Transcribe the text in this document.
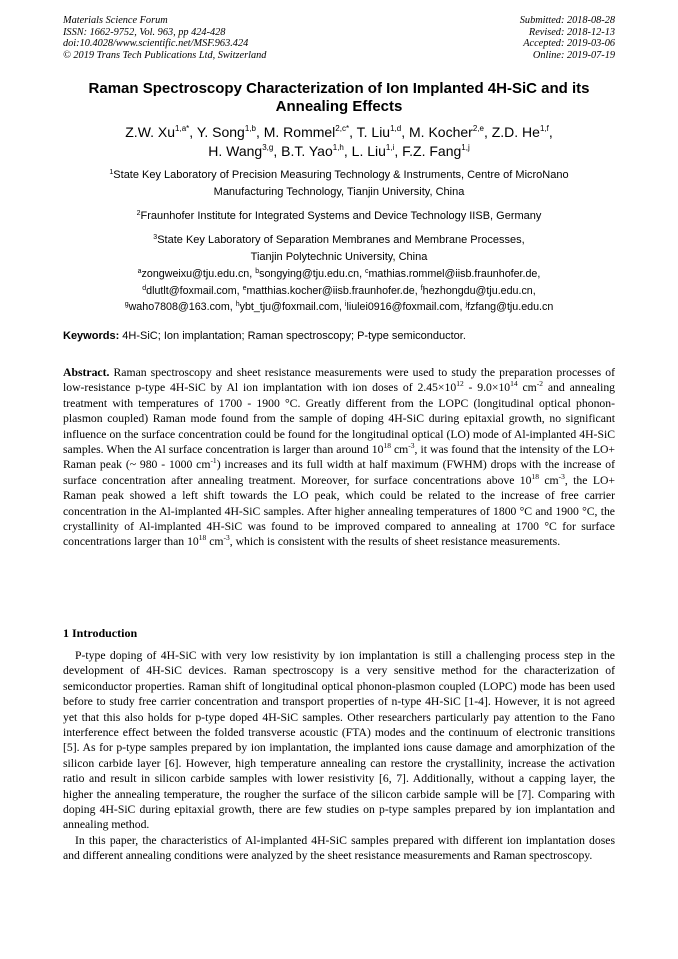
Materials Science Forum
ISSN: 1662-9752, Vol. 963, pp 424-428
doi:10.4028/www.scientific.net/MSF.963.424
© 2019 Trans Tech Publications Ltd, Switzerland
Submitted: 2018-08-28
Revised: 2018-12-13
Accepted: 2019-03-06
Online: 2019-07-19
Raman Spectroscopy Characterization of Ion Implanted 4H-SiC and its
Annealing Effects
Z.W. $Xu^{1,a*}$, Y. Song$^{1,b}$, M. Rommel$^{2,c*}$, T. Liu$^{1,d}$, M. Kocher$^{2,e}$, Z.D. He$^{1,f}$,
H. Wang$^{3,g}$, B.T. Yao$^{1,h}$, L. Liu$^{1,i}$, F.Z. Fang$^{1,j}$
$^1$State Key Laboratory of Precision Measuring Technology & Instruments, Centre of MicroNano
Manufacturing Technology, Tianjin University, China
$^2$Fraunhofer Institute for Integrated Systems and Device Technology IISB, Germany
$^3$State Key Laboratory of Separation Membranes and Membrane Processes,
Tianjin Polytechnic University, China
$^a$zongweixu@tju.edu.cn, $^b$songying@tju.edu.cn, $^c$mathias.rommel@iisb.fraunhofer.de,
$^d$dlutlt@foxmail.com, $^e$matthias.kocher@iisb.fraunhofer.de, $^f$hezhongdu@tju.edu.cn,
$^g$waho7808@163.com, $^h$ybt_tju@foxmail.com, $^i$liulei0916@foxmail.com, $^j$fzfang@tju.edu.cn
Keywords: 4H-SiC; Ion implantation; Raman spectroscopy; P-type semiconductor.
Abstract. Raman spectroscopy and sheet resistance measurements were used to study the preparation processes of low-resistance p-type 4H-SiC by Al ion implantation with ion doses of $2.45\times 10^{12} - 9.0\times 10^{14}$ $cm^{-2}$ and annealing treatment with temperatures of 1700 - 1900 °C. Greatly different from the LOPC (longitudinal optical phonon-plasmon coupled) Raman mode found from the sample of doping 4H-SiC during epitaxial growth, no significant influence on the surface concentration could be found for the longitudinal optical (LO) mode of Al-implanted 4H-SiC samples. When the Al surface concentration is larger than around $10^{18}$ $cm^{-3}$, it was found that the intensity of the LO+ Raman peak (~ 980 - 1000 $cm^{-1}$) increases and its full width at half maximum (FWHM) drops with the increase of surface concentration after annealing treatment. Moreover, for surface concentrations above $10^{18}$ $cm^{-3}$, the LO+ Raman peak showed a left shift towards the LO peak, which could be related to the increase of free carrier concentration in the Al-implanted 4H-SiC samples. After higher annealing temperatures of 1800 °C and 1900 °C, the crystallinity of Al-implanted 4H-SiC was found to be improved compared to annealing at 1700 °C for surface concentrations larger than $10^{18}$ $cm^{-3}$, which is consistent with the results of sheet resistance measurements.
1 Introduction

P-type doping of 4H-SiC with very low resistivity by ion implantation is still a challenging process step in the development of 4H-SiC devices. Raman spectroscopy is a very sensitive method for the characterization of semiconductor properties. Raman shift of longitudinal optical phonon-plasmon coupled (LOPC) mode has been used before to study free carrier concentration and transport properties of n-type 4H-SiC [1-4]. However, it is not agreed yet that this also holds for p-type doped 4H-SiC samples. Other researchers particularly pay attention to the Fano interference effect between the folded transverse acoustic (FTA) modes and the continuum of electronic transitions [5]. As for p-type samples prepared by ion implantation, the implanted ions cause damage and amorphization of the silicon carbide layer [6]. However, high temperature annealing can restore the crystallinity, increase the activation ratio and result in silicon carbide samples with lower resistivity [6, 7]. Additionally, without a capping layer, the higher the annealing temperature, the rougher the surface of the silicon carbide sample will be [7]. Comparing with doping 4H-SiC during epitaxial growth, there are few studies on p-type samples prepared by ion implantation and annealing method.

In this paper, the characteristics of Al-implanted 4H-SiC samples prepared with different ion implantation doses and different annealing conditions were analyzed by the sheet resistance measurements and Raman spectroscopy.
